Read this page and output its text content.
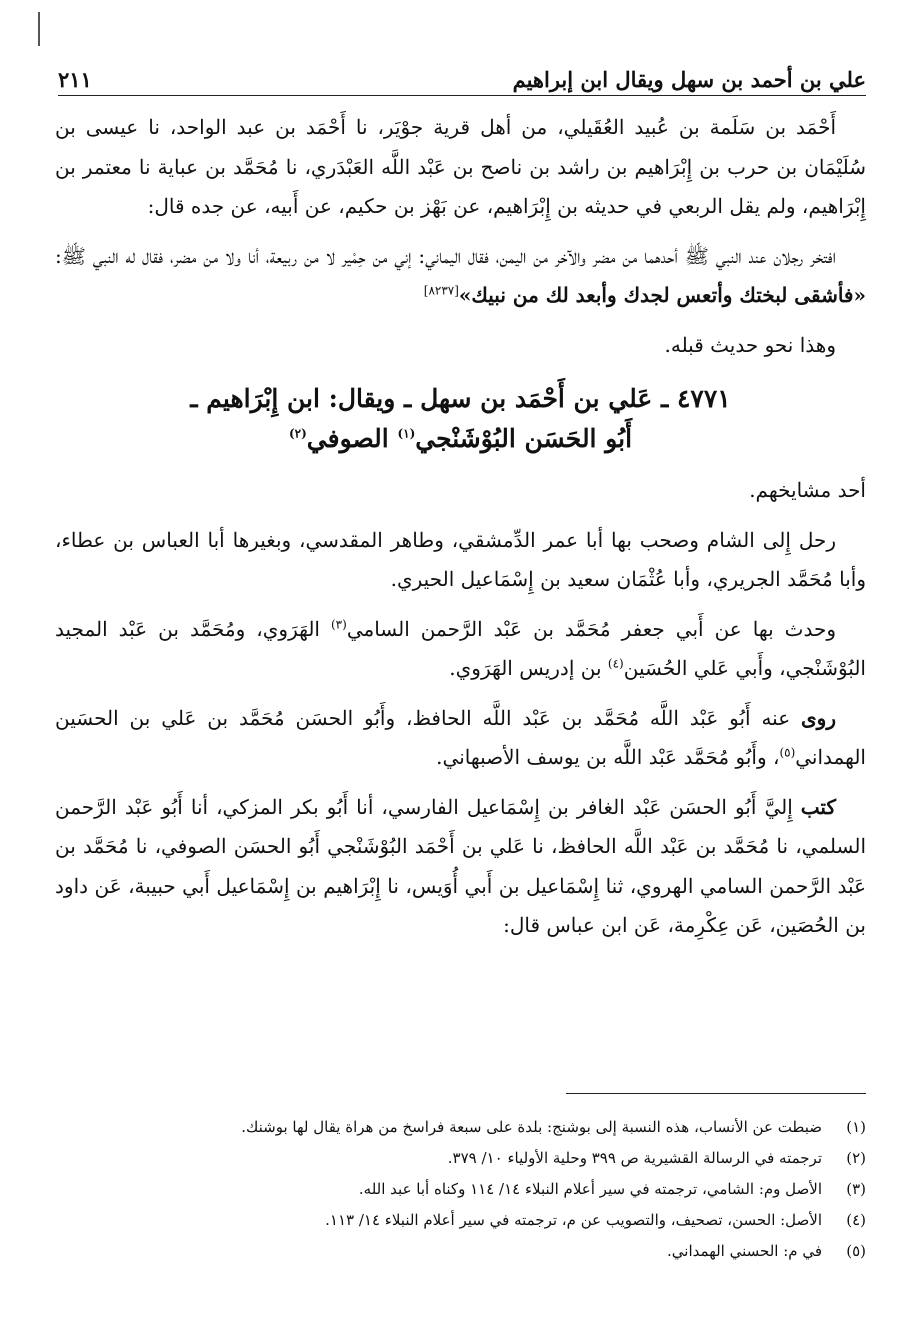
علي بن أحمد بن سهل ويقال ابن إبراهيم
٢١١

أَحْمَد بن سَلَمة بن عُبيد العُقَيلي، من أهل قرية جوْيَر، نا أَحْمَد بن عبد الواحد، نا عيسى بن سُلَيْمَان بن حرب بن إِبْرَاهيم بن راشد بن ناصح بن عَبْد اللَّه العَبْدَري، نا مُحَمَّد بن عباية نا معتمر بن إِبْرَاهيم، ولم يقل الربعي في حديثه بن إِبْرَاهيم، عن بَهْز بن حكيم، عن أَبيه، عن جده قال:

افتخر رجلان عند النبي ﷺ أحدهما من مضر والآخر من اليمن، فقال اليماني: إني من حِمْير لا من ربيعة، أنا ولا من مضر، فقال له النبي ﷺ: «فأشقى لبختك وأتعس لجدك وأبعد لك من نبيك»[٨٢٣٧]

وهذا نحو حديث قبله.

٤٧٧١ ـ عَلي بن أَحْمَد بن سهل ـ ويقال: ابن إِبْرَاهيم ـ
أَبُو الحَسَن البُوْشَنْجي$^{(١)}$ الصوفي$^{(٢)}$

أحد مشايخهم.

رحل إِلى الشام وصحب بها أبا عمر الدِّمشقي، وطاهر المقدسي، وبغيرها أبا العباس بن عطاء، وأبا مُحَمَّد الجريري، وأبا عُثْمَان سعيد بن إِسْمَاعيل الحيري.

وحدث بها عن أَبي جعفر مُحَمَّد بن عَبْد الرَّحمن السامي$^{(٣)}$ الهَرَوي، ومُحَمَّد بن عَبْد المجيد البُوْشَنْجي، وأَبي عَلي الحُسَين$^{(٤)}$ بن إدريس الهَرَوي.

روى عنه أَبُو عَبْد اللَّه مُحَمَّد بن عَبْد اللَّه الحافظ، وأَبُو الحسَن مُحَمَّد بن عَلي بن الحسَين الهمداني$^{(٥)}$، وأَبُو مُحَمَّد عَبْد اللَّه بن يوسف الأصبهاني.

كتب إِليَّ أَبُو الحسَن عَبْد الغافر بن إِسْمَاعيل الفارسي، أنا أَبُو بكر المزكي، أنا أَبُو عَبْد الرَّحمن السلمي، نا مُحَمَّد بن عَبْد اللَّه الحافظ، نا عَلي بن أَحْمَد البُوْشَنْجي أَبُو الحسَن الصوفي، نا مُحَمَّد بن عَبْد الرَّحمن السامي الهروي، ثنا إِسْمَاعيل بن أَبي أُوَيس، نا إِبْرَاهيم بن إِسْمَاعيل أَبي حبيبة، عَن داود بن الحُصَين، عَن عِكْرِمة، عَن ابن عباس قال:

(١)
ضبطت عن الأنساب، هذه النسبة إلى بوشنج: بلدة على سبعة فراسخ من هراة يقال لها بوشنك.
(٢)
ترجمته في الرسالة القشيرية ص ٣٩٩ وحلية الأولياء ١٠/ ٣٧٩.
(٣)
الأصل وم: الشامي، ترجمته في سير أعلام النبلاء ١٤/ ١١٤ وكناه أبا عبد الله.
(٤)
الأصل: الحسن، تصحيف، والتصويب عن م، ترجمته في سير أعلام النبلاء ١٤/ ١١٣.
(٥)
في م: الحسني الهمداني.
